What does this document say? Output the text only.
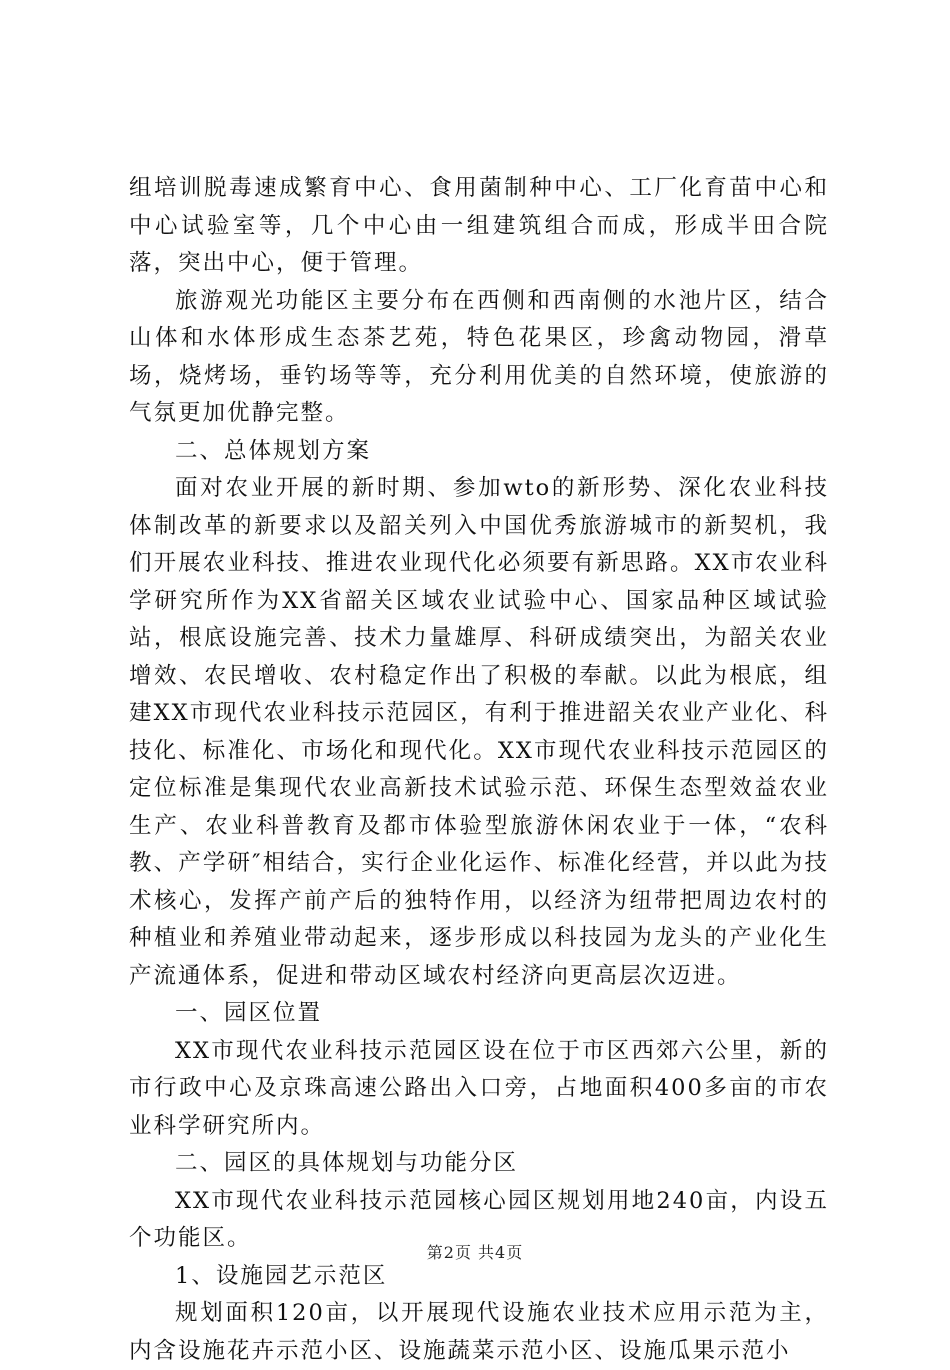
组培训脱毒速成繁育中心、食用菌制种中心、工厂化育苗中心和中心试验室等，几个中心由一组建筑组合而成，形成半田合院落，突出中心，便于管理。

旅游观光功能区主要分布在西侧和西南侧的水池片区，结合山体和水体形成生态茶艺苑，特色花果区，珍禽动物园，滑草场，烧烤场，垂钓场等等，充分利用优美的自然环境，使旅游的气氛更加优静完整。

二、总体规划方案

面对农业开展的新时期、参加wto的新形势、深化农业科技体制改革的新要求以及韶关列入中国优秀旅游城市的新契机，我们开展农业科技、推进农业现代化必须要有新思路。XX市农业科学研究所作为XX省韶关区域农业试验中心、国家品种区域试验站，根底设施完善、技术力量雄厚、科研成绩突出，为韶关农业增效、农民增收、农村稳定作出了积极的奉献。以此为根底，组建XX市现代农业科技示范园区，有利于推进韶关农业产业化、科技化、标准化、市场化和现代化。XX市现代农业科技示范园区的定位标准是集现代农业高新技术试验示范、环保生态型效益农业生产、农业科普教育及都市体验型旅游休闲农业于一体，“农科教、产学研″相结合，实行企业化运作、标准化经营，并以此为技术核心，发挥产前产后的独特作用，以经济为纽带把周边农村的种植业和养殖业带动起来，逐步形成以科技园为龙头的产业化生产流通体系，促进和带动区域农村经济向更高层次迈进。

一、园区位置

XX市现代农业科技示范园区设在位于市区西郊六公里，新的市行政中心及京珠高速公路出入口旁，占地面积400多亩的市农业科学研究所内。

二、园区的具体规划与功能分区

XX市现代农业科技示范园核心园区规划用地240亩，内设五个功能区。

1、设施园艺示范区

规划面积120亩，以开展现代设施农业技术应用示范为主，内含设施花卉示范小区、设施蔬菜示范小区、设施瓜果示范小

第2页 共4页
